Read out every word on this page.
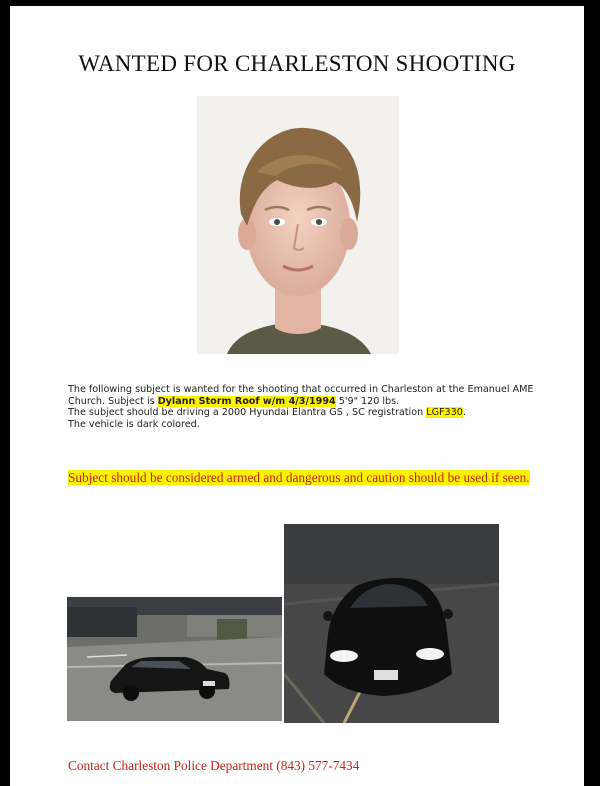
WANTED FOR CHARLESTON SHOOTING
The following subject is wanted for the shooting that occurred in Charleston at the Emanuel AME Church. Subject is Dylann Storm Roof w/m 4/3/1994 5'9" 120 lbs.
The subject should be driving a 2000 Hyundai Elantra GS , SC registration LGF330.
The vehicle is dark colored.
Subject should be considered armed and dangerous and caution should be used if seen.
Contact Charleston Police Department (843) 577-7434
